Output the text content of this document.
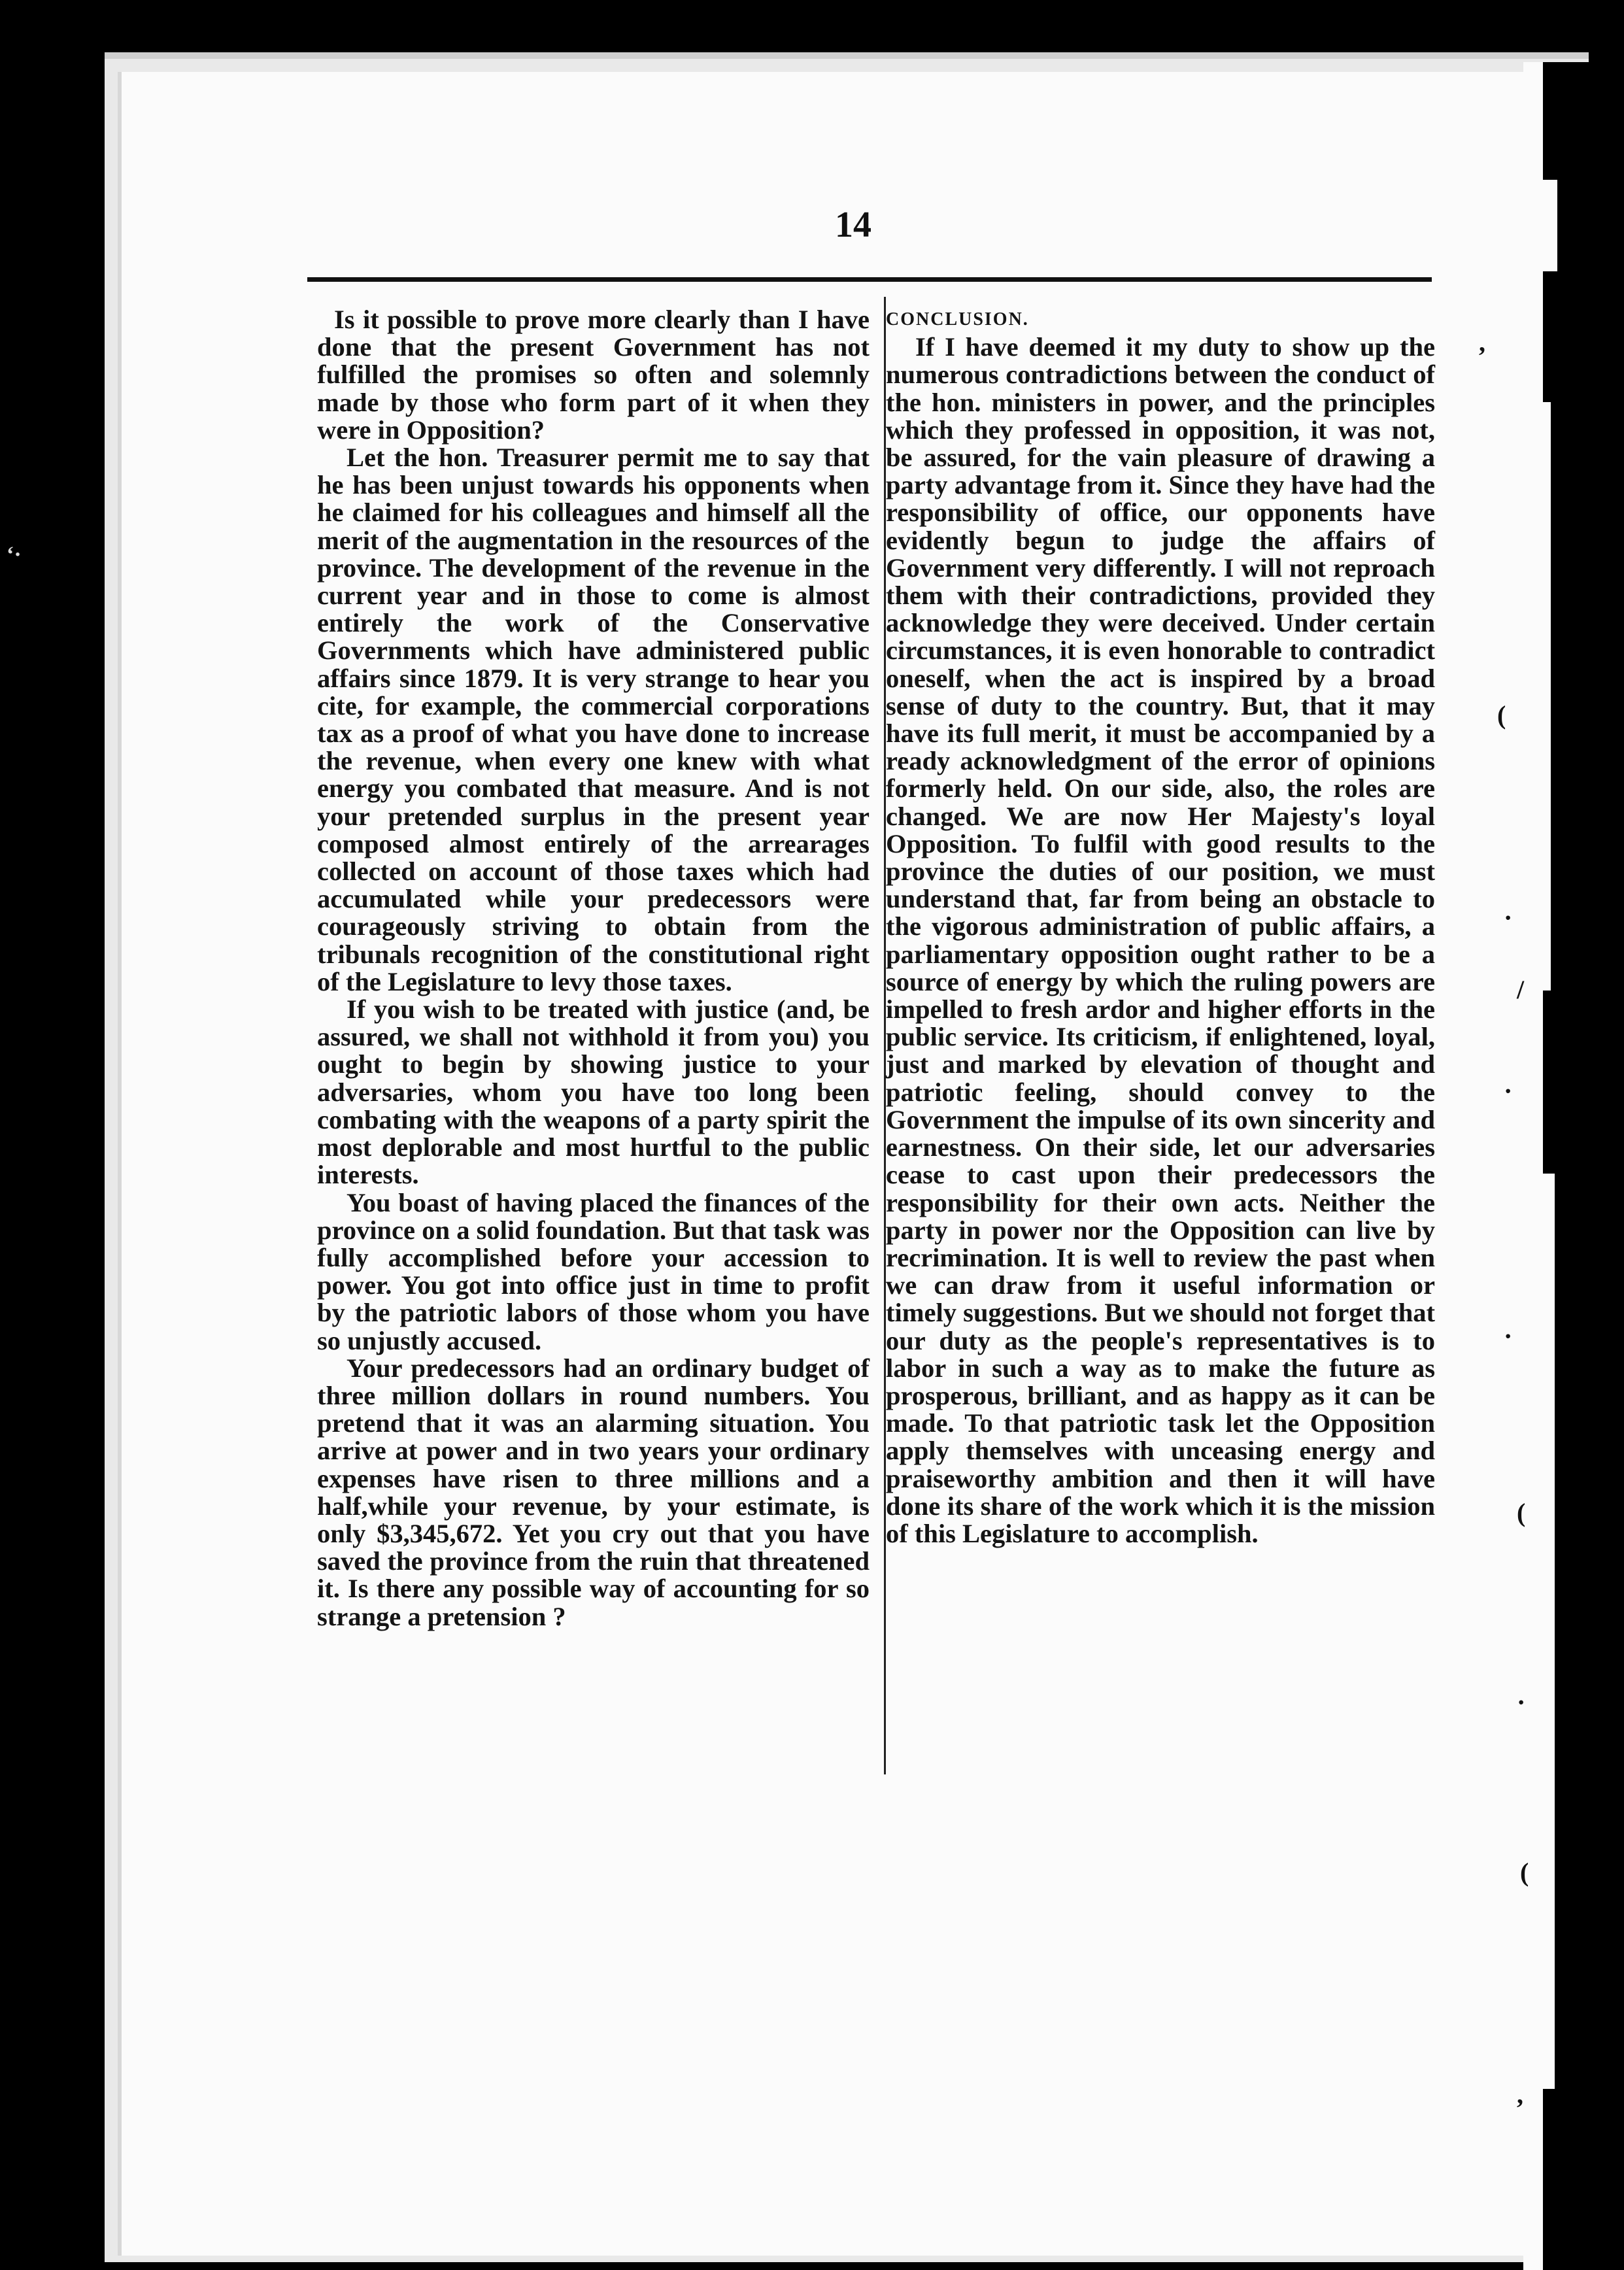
14

Is it possible to prove more clearly than I have done that the present Government has not fulfilled the promises so often and solemnly made by those who form part of it when they were in Opposition?

Let the hon. Treasurer permit me to say that he has been unjust towards his opponents when he claimed for his colleagues and himself all the merit of the augmentation in the resources of the province. The development of the revenue in the current year and in those to come is almost entirely the work of the Conservative Governments which have administered public affairs since 1879. It is very strange to hear you cite, for example, the commercial corporations tax as a proof of what you have done to increase the revenue, when every one knew with what energy you combated that measure. And is not your pretended surplus in the present year composed almost entirely of the arrearages collected on account of those taxes which had accumulated while your predecessors were courageously striving to obtain from the tribunals recognition of the constitutional right of the Legislature to levy those taxes.

If you wish to be treated with justice (and, be assured, we shall not withhold it from you) you ought to begin by showing justice to your adversaries, whom you have too long been combating with the weapons of a party spirit the most deplorable and most hurtful to the public interests.

You boast of having placed the finances of the province on a solid foundation. But that task was fully accomplished before your accession to power. You got into office just in time to profit by the patriotic labors of those whom you have so unjustly accused.

Your predecessors had an ordinary budget of three million dollars in round numbers. You pretend that it was an alarming situation. You arrive at power and in two years your ordinary expenses have risen to three millions and a half,while your revenue, by your estimate, is only $3,345,672. Yet you cry out that you have saved the province from the ruin that threatened it. Is there any possible way of accounting for so strange a pretension ?

CONCLUSION.

If I have deemed it my duty to show up the numerous contradictions between the conduct of the hon. ministers in power, and the principles which they professed in opposition, it was not, be assured, for the vain pleasure of drawing a party advantage from it. Since they have had the responsibility of office, our opponents have evidently begun to judge the affairs of Government very differently. I will not reproach them with their contradictions, provided they acknowledge they were deceived. Under certain circumstances, it is even honorable to contradict oneself, when the act is inspired by a broad sense of duty to the country. But, that it may have its full merit, it must be accompanied by a ready acknowledgment of the error of opinions formerly held. On our side, also, the roles are changed. We are now Her Majesty's loyal Opposition. To fulfil with good results to the province the duties of our position, we must understand that, far from being an obstacle to the vigorous administration of public affairs, a parliamentary opposition ought rather to be a source of energy by which the ruling powers are impelled to fresh ardor and higher efforts in the public service. Its criticism, if enlightened, loyal, just and marked by elevation of thought and patriotic feeling, should convey to the Government the impulse of its own sincerity and earnestness. On their side, let our adversaries cease to cast upon their predecessors the responsibility for their own acts. Neither the party in power nor the Opposition can live by recrimination. It is well to review the past when we can draw from it useful information or timely suggestions. But we should not forget that our duty as the people's representatives is to labor in such a way as to make the future as prosperous, brilliant, and as happy as it can be made. To that patriotic task let the Opposition apply themselves with unceasing energy and praiseworthy ambition and then it will have done its share of the work which it is the mission of this Legislature to accomplish.

,
(
·
/
·
·
(
·
(
,
‘·
